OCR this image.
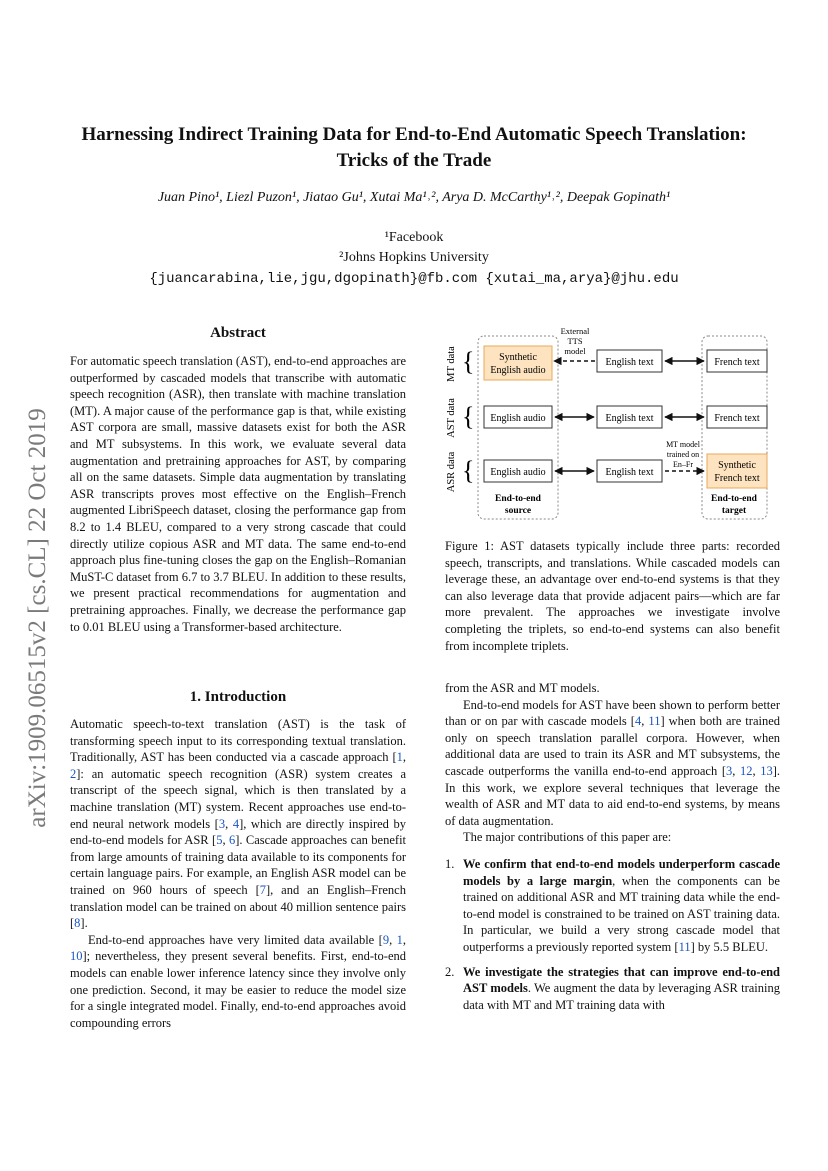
Harnessing Indirect Training Data for End-to-End Automatic Speech Translation:
Tricks of the Trade
Juan Pino¹, Liezl Puzon¹, Jiatao Gu¹, Xutai Ma¹˒², Arya D. McCarthy¹˒², Deepak Gopinath¹
¹Facebook
²Johns Hopkins University
{juancarabina,lie,jgu,dgopinath}@fb.com {xutai_ma,arya}@jhu.edu
arXiv:1909.06515v2 [cs.CL] 22 Oct 2019
Abstract

For automatic speech translation (AST), end-to-end approaches are outperformed by cascaded models that transcribe with automatic speech recognition (ASR), then translate with machine translation (MT). A major cause of the performance gap is that, while existing AST corpora are small, massive datasets exist for both the ASR and MT subsystems. In this work, we evaluate several data augmentation and pretraining approaches for AST, by comparing all on the same datasets. Simple data augmentation by translating ASR transcripts proves most effective on the English–French augmented LibriSpeech dataset, closing the performance gap from 8.2 to 1.4 BLEU, compared to a very strong cascade that could directly utilize copious ASR and MT data. The same end-to-end approach plus fine-tuning closes the gap on the English–Romanian MuST-C dataset from 6.7 to 3.7 BLEU. In addition to these results, we present practical recommendations for augmentation and pretraining approaches. Finally, we decrease the performance gap to 0.01 BLEU using a Transformer-based architecture.

1. Introduction

Automatic speech-to-text translation (AST) is the task of transforming speech input to its corresponding textual translation. Traditionally, AST has been conducted via a cascade approach [1, 2]: an automatic speech recognition (ASR) system creates a transcript of the speech signal, which is then translated by a machine translation (MT) system. Recent approaches use end-to-end neural network models [3, 4], which are directly inspired by end-to-end models for ASR [5, 6]. Cascade approaches can benefit from large amounts of training data available to its components for certain language pairs. For example, an English ASR model can be trained on 960 hours of speech [7], and an English–French translation model can be trained on about 40 million sentence pairs [8].

End-to-end approaches have very limited data available [9, 1, 10]; nevertheless, they present several benefits. First, end-to-end models can enable lower inference latency since they involve only one prediction. Second, it may be easier to reduce the model size for a single integrated model. Finally, end-to-end approaches avoid compounding errors

MT data
AST data
ASR data
{
{
{
Synthetic
English audio
English text	French text
External
TTS
model
English audio	English text	French text
English audio	English text
Synthetic
French text
MT model
trained on
En–Fr
End-to-end
source
End-to-end
target

Figure 1: AST datasets typically include three parts: recorded speech, transcripts, and translations. While cascaded models can leverage these, an advantage over end-to-end systems is that they can also leverage data that provide adjacent pairs—which are far more prevalent. The approaches we investigate involve completing the triplets, so end-to-end systems can also benefit from incomplete triplets.

from the ASR and MT models.

End-to-end models for AST have been shown to perform better than or on par with cascade models [4, 11] when both are trained only on speech translation parallel corpora. However, when additional data are used to train its ASR and MT subsystems, the cascade outperforms the vanilla end-to-end approach [3, 12, 13]. In this work, we explore several techniques that leverage the wealth of ASR and MT data to aid end-to-end systems, by means of data augmentation.

The major contributions of this paper are:

1. We confirm that end-to-end models underperform cascade models by a large margin, when the components can be trained on additional ASR and MT training data while the end-to-end model is constrained to be trained on AST training data. In particular, we build a very strong cascade model that outperforms a previously reported system [11] by 5.5 BLEU.
2. We investigate the strategies that can improve end-to-end AST models. We augment the data by leveraging ASR training data with MT and MT training data with
